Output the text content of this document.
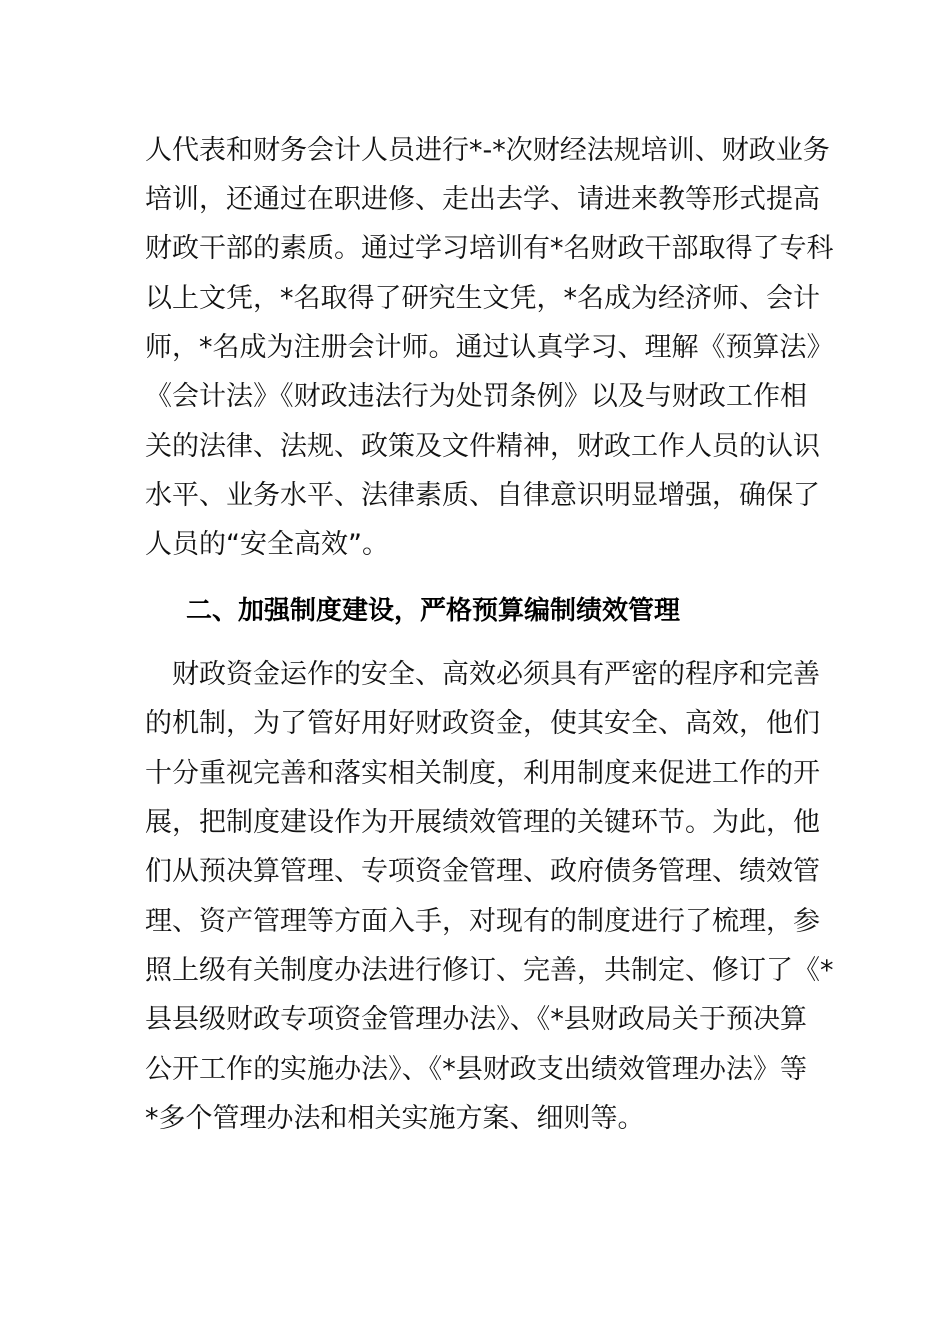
人代表和财务会计人员进行*-*次财经法规培训、财政业务
培训，还通过在职进修、走出去学、请进来教等形式提高
财政干部的素质。通过学习培训有*名财政干部取得了专科
以上文凭，*名取得了研究生文凭，*名成为经济师、会计
师，*名成为注册会计师。通过认真学习、理解《预算法》
《会计法》《财政违法行为处罚条例》以及与财政工作相
关的法律、法规、政策及文件精神，财政工作人员的认识
水平、业务水平、法律素质、自律意识明显增强，确保了
人员的“安全高效”。
二、加强制度建设，严格预算编制绩效管理
　财政资金运作的安全、高效必须具有严密的程序和完善
的机制，为了管好用好财政资金，使其安全、高效，他们
十分重视完善和落实相关制度，利用制度来促进工作的开
展，把制度建设作为开展绩效管理的关键环节。为此，他
们从预决算管理、专项资金管理、政府债务管理、绩效管
理、资产管理等方面入手，对现有的制度进行了梳理，参
照上级有关制度办法进行修订、完善，共制定、修订了《*
县县级财政专项资金管理办法》、《*县财政局关于预决算
公开工作的实施办法》、《*县财政支出绩效管理办法》等
*多个管理办法和相关实施方案、细则等。
